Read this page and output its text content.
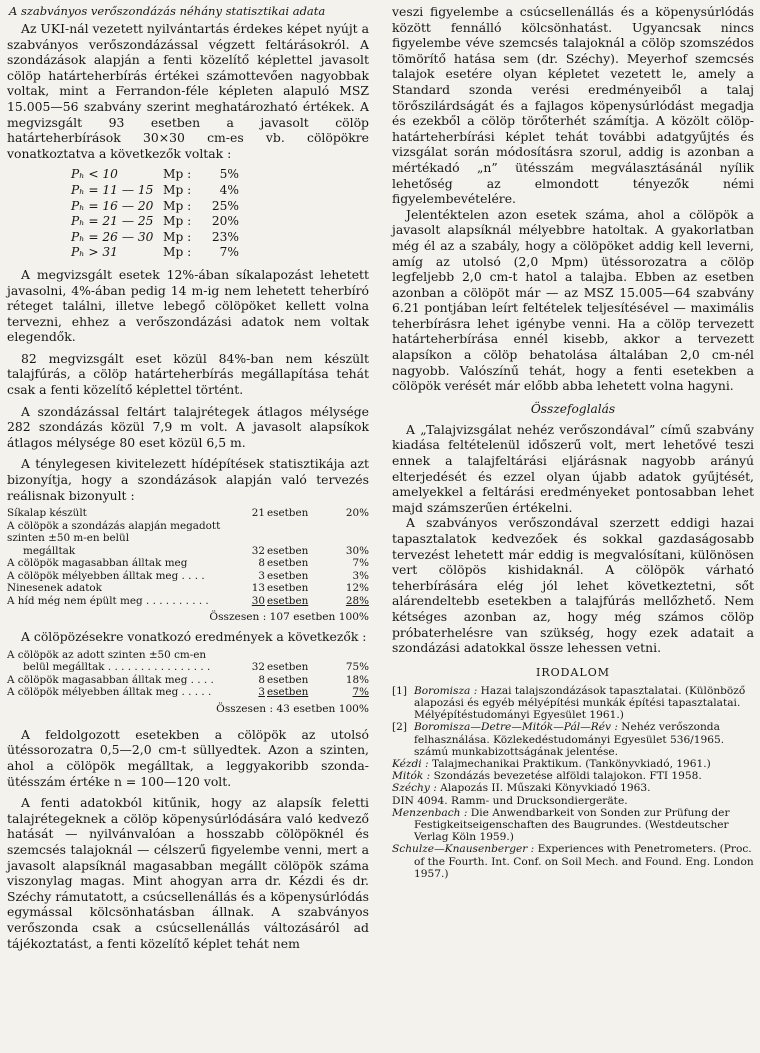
A szabványos verőszondázás néhány statisztikai adata

Az UKI-nál vezetett nyilvántartás érdekes képet nyújt a szabványos verőszondázással végzett feltárásokról. A szondázások alapján a fenti közelítő képlettel javasolt cölöp határteherbírás értékei számottevően nagyobbak voltak, mint a Ferrandon-féle képleten alapuló MSZ 15.005—56 szabvány szerint meghatározható értékek. A megvizsgált 93 esetben a javasolt cölöp határteherbírások 30×30 cm-es vb. cölöpökre vonatkoztatva a következők voltak :

Pₕ < 10	Mp :	5%
Pₕ = 11 — 15 Mp :	4%
Pₕ = 16 — 20 Mp :	25%
Pₕ = 21 — 25 Mp :	20%
Pₕ = 26 — 30 Mp :	23%
Pₕ > 31	Mp :	7%

A megvizsgált esetek 12%-ában síkalapozást lehetett javasolni, 4%-ában pedig 14 m-ig nem lehetett teherbíró réteget találni, illetve lebegő cölöpöket kellett volna tervezni, ehhez a verőszondázási adatok nem voltak elegendők.

82 megvizsgált eset közül 84%-ban nem készült talajfúrás, a cölöp határteherbírás megállapítása tehát csak a fenti közelítő képlettel történt.

A szondázással feltárt talajrétegek átlagos mélysége 282 szondázás közül 7,9 m volt. A javasolt alapsíkok átlagos mélysége 80 eset közül 6,5 m.

A ténylegesen kivitelezett hídépítések statisztikája azt bizonyítja, hogy a szondázások alapján való tervezés reálisnak bizonyult :

Síkalap készült	21	esetben	20%
A cölöpök a szondázás alapján megadott szinten ±50 m-en belül
megálltak	32	esetben	30%
A cölöpök magasabban álltak meg	8	esetben	7%
A cölöpök mélyebben álltak meg . . . .	3	esetben	3%
Ninesenek adatok	13	esetben	12%
A híd még nem épült meg . . . . . . . . . .	30	esetben	28%
Összesen : 107 esetben 100%

A cölöpözésekre vonatkozó eredmények a következők :

A cölöpök az adott szinten ±50 cm-en
belül megálltak . . . . . . . . . . . . . . . .	32	esetben	75%
A cölöpök magasabban álltak meg . . . .	8	esetben	18%
A cölöpök mélyebben álltak meg . . . . .	3	esetben	7%
Összesen : 43 esetben 100%

A feldolgozott esetekben a cölöpök az utolsó ütéssorozatra 0,5—2,0 cm-t süllyedtek. Azon a szinten, ahol a cölöpök megálltak, a leggyakoribb szonda-ütésszám értéke n = 100—120 volt.

A fenti adatokból kitűnik, hogy az alapsík feletti talajrétegeknek a cölöp köpenysúrlódására való kedvező hatását — nyilvánvalóan a hosszabb cölöpöknél és szemcsés talajoknál — célszerű figyelembe venni, mert a javasolt alapsíknál magasabban megállt cölöpök száma viszonylag magas. Mint ahogyan arra dr. Kézdi és dr. Széchy rámutatott, a csúcsellenállás és a köpenysúrlódás egymással kölcsönhatásban állnak. A szabványos verőszonda csak a csúcsellenállás változásáról ad tájékoztatást, a fenti közelítő képlet tehát nem

veszi figyelembe a csúcsellenállás és a köpenysúrlódás között fennálló kölcsönhatást. Ugyancsak nincs figyelembe véve szemcsés talajoknál a cölöp szomszédos tömörítő hatása sem (dr. Széchy). Meyerhof szemcsés talajok esetére olyan képletet vezetett le, amely a Standard szonda verési eredményeiből a talaj törőszilárdságát és a fajlagos köpenysúrlódást megadja és ezekből a cölöp törőterhét számítja. A közölt cölöp-határteherbírási képlet tehát további adatgyűjtés és vizsgálat során módosításra szorul, addig is azonban a mértékadó „n” ütésszám megválasztásánál nyílik lehetőség az elmondott tényezők némi figyelembevételére.

Jelentéktelen azon esetek száma, ahol a cölöpök a javasolt alapsíknál mélyebbre hatoltak. A gyakorlatban még él az a szabály, hogy a cölöpöket addig kell leverni, amíg az utolsó (2,0 Mpm) ütéssorozatra a cölöp legfeljebb 2,0 cm-t hatol a talajba. Ebben az esetben azonban a cölöpöt már — az MSZ 15.005—64 szabvány 6.21 pontjában leírt feltételek teljesítésével — maximális teherbírásra lehet igénybe venni. Ha a cölöp tervezett határteherbírása ennél kisebb, akkor a tervezett alapsíkon a cölöp behatolása általában 2,0 cm-nél nagyobb. Valószínű tehát, hogy a fenti esetekben a cölöpök verését már előbb abba lehetett volna hagyni.

Összefoglalás

A „Talajvizsgálat nehéz verőszondával” című szabvány kiadása feltételenül időszerű volt, mert lehetővé teszi ennek a talajfeltárási eljárásnak nagyobb arányú elterjedését és ezzel olyan újabb adatok gyűjtését, amelyekkel a feltárási eredményeket pontosabban lehet majd számszerűen értékelni.

A szabványos verőszondával szerzett eddigi hazai tapasztalatok kedvezőek és sokkal gazdaságosabb tervezést lehetett már eddig is megvalósítani, különösen vert cölöpös kishidaknál. A cölöpök várható teherbírására elég jól lehet következtetni, sőt alárendeltebb esetekben a talajfúrás mellőzhető. Nem kétséges azonban az, hogy még számos cölöp próbaterhelésre van szükség, hogy ezek adatait a szondázási adatokkal össze lehessen vetni.

IRODALOM
[1] Boromisza : Hazai talajszondázások tapasztalatai. (Különböző alapozási és egyéb mélyépítési munkák építési tapasztalatai. Mélyépítéstudományi Egyesület 1961.)
[2] Boromisza—Detre—Mitók—Pál—Rév : Nehéz verőszonda felhasználása. Közlekedéstudományi Egyesület 536/1965. számú munkabizottságának jelentése.
Kézdi : Talajmechanikai Praktikum. (Tankönyvkiadó, 1961.)
Mitók : Szondázás bevezetése alföldi talajokon. FTI 1958.
Széchy : Alapozás II. Műszaki Könyvkiadó 1963.
DIN 4094. Ramm- und Drucksondiergeräte.
Menzenbach : Die Anwendbarkeit von Sonden zur Prüfung der Festigkeitseigenschaften des Baugrundes. (Westdeutscher Verlag Köln 1959.)
Schulze—Knausenberger : Experiences with Penetrometers. (Proc. of the Fourth. Int. Conf. on Soil Mech. and Found. Eng. London 1957.)
